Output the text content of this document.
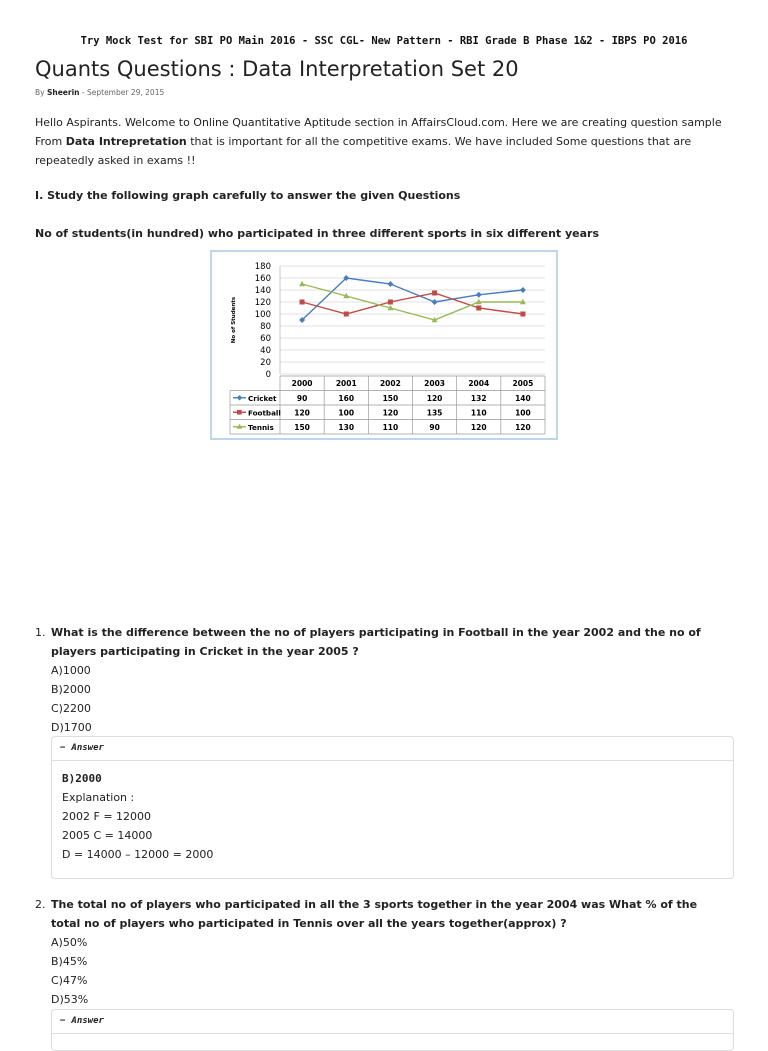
Try Mock Test for SBI PO Main 2016 - SSC CGL- New Pattern - RBI Grade B Phase 1&2 - IBPS PO 2016
Quants Questions : Data Interpretation Set 20
By Sheerin - September 29, 2015
Hello Aspirants. Welcome to Online Quantitative Aptitude section in AffairsCloud.com. Here we are creating question sample From Data Intrepretation that is important for all the competitive exams. We have included Some questions that are repeatedly asked in exams !!
I. Study the following graph carefully to answer the given Questions
No of students(in hundred) who participated in three different sports in six different years
180
160
140
120
100
80
60
40
20
0
No of Students
2000	2001	2002	2003	2004	2005
Cricket	90	160	150	120	132	140
Football 120	100	120	135	110	100
Tennis	150	130	110	90	120	120
1. What is the difference between the no of players participating in Football in the year 2002 and the no of players participating in Cricket in the year 2005 ?
A)1000
B)2000
C)2200
D)1700
− Answer
B)2000
Explanation :
2002 F = 12000
2005 C = 14000
D = 14000 – 12000 = 2000
2. The total no of players who participated in all the 3 sports together in the year 2004 was What % of the total no of players who participated in Tennis over all the years together(approx) ?
A)50%
B)45%
C)47%
D)53%
− Answer
